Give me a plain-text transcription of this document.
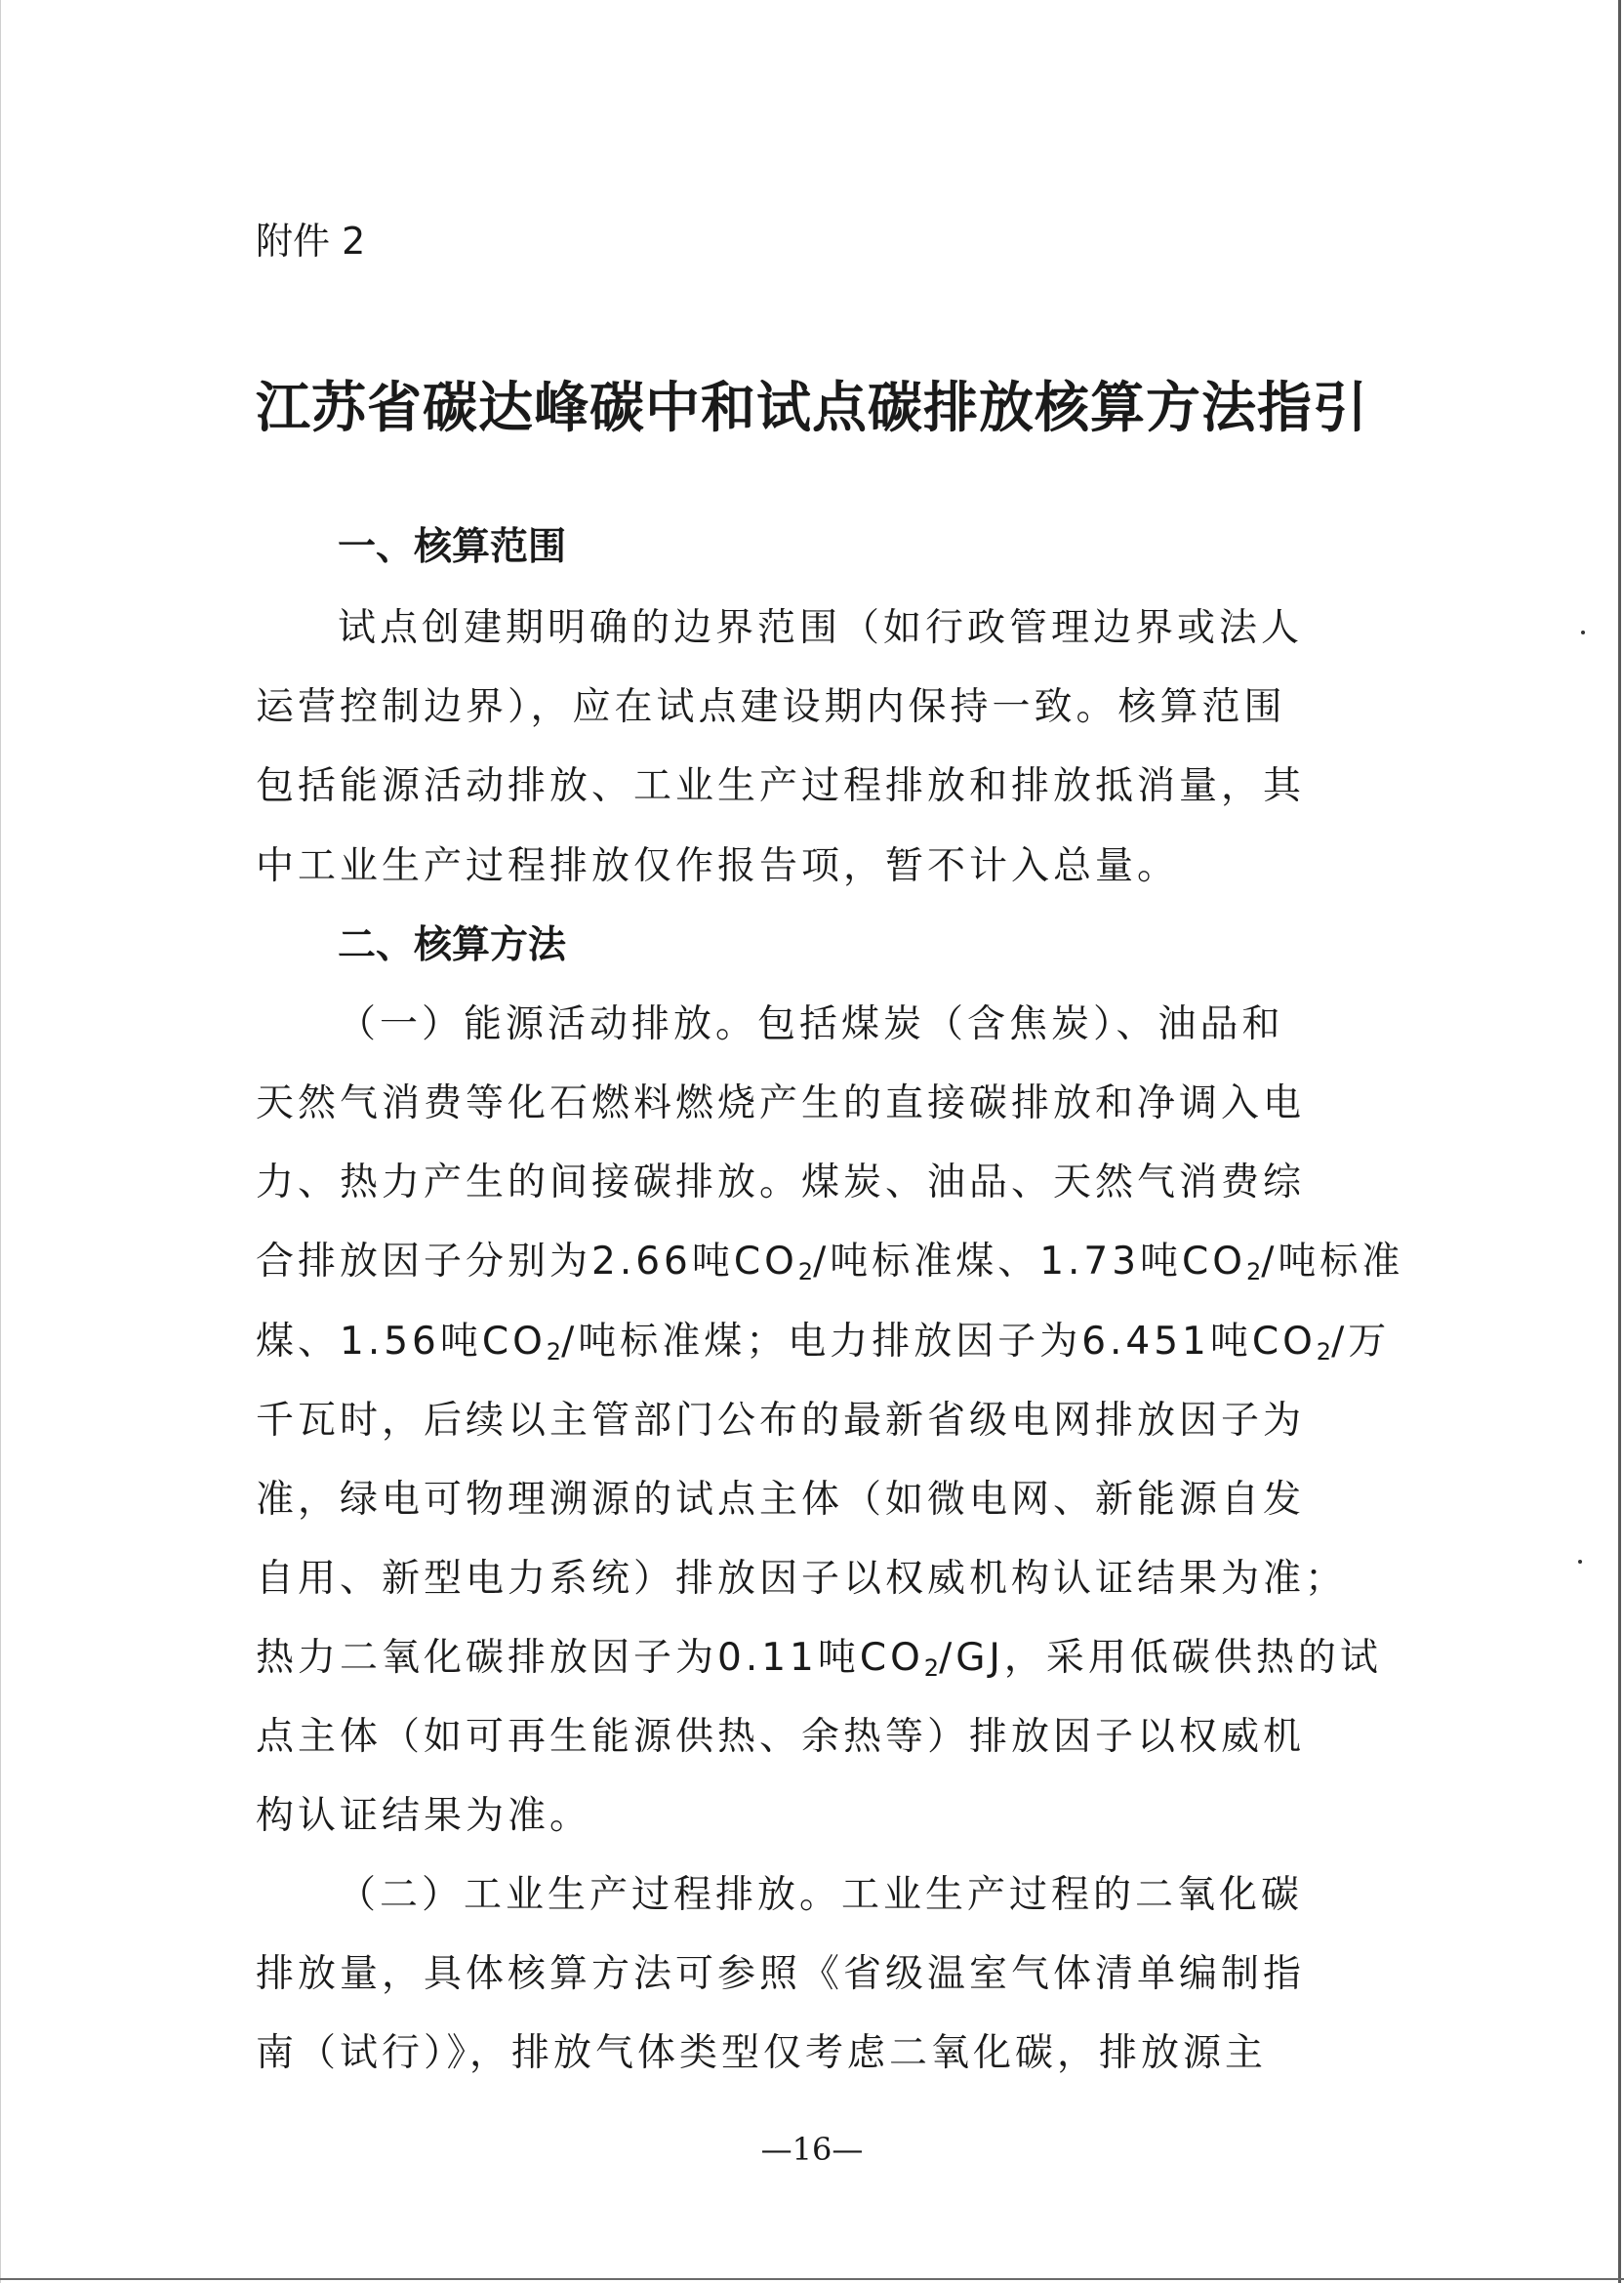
附件 2
江苏省碳达峰碳中和试点碳排放核算方法指引
一、核算范围
试点创建期明确的边界范围（如行政管理边界或法人
运营控制边界），应在试点建设期内保持一致。核算范围
包括能源活动排放、工业生产过程排放和排放抵消量，其
中工业生产过程排放仅作报告项，暂不计入总量。
二、核算方法
（一）能源活动排放。包括煤炭（含焦炭）、油品和
天然气消费等化石燃料燃烧产生的直接碳排放和净调入电
力、热力产生的间接碳排放。煤炭、油品、天然气消费综
合排放因子分别为2.66吨$CO_2/$吨标准煤、1.73吨$CO_2/$吨标准
煤、1.56吨$CO_2/$吨标准煤；电力排放因子为6.451吨$CO_2/$万
千瓦时，后续以主管部门公布的最新省级电网排放因子为
准，绿电可物理溯源的试点主体（如微电网、新能源自发
自用、新型电力系统）排放因子以权威机构认证结果为准；
热力二氧化碳排放因子为0.11吨$CO_2/GJ$，采用低碳供热的试
点主体（如可再生能源供热、余热等）排放因子以权威机
构认证结果为准。
（二）工业生产过程排放。工业生产过程的二氧化碳
排放量，具体核算方法可参照《省级温室气体清单编制指
南（试行）》，排放气体类型仅考虑二氧化碳，排放源主
—16—
